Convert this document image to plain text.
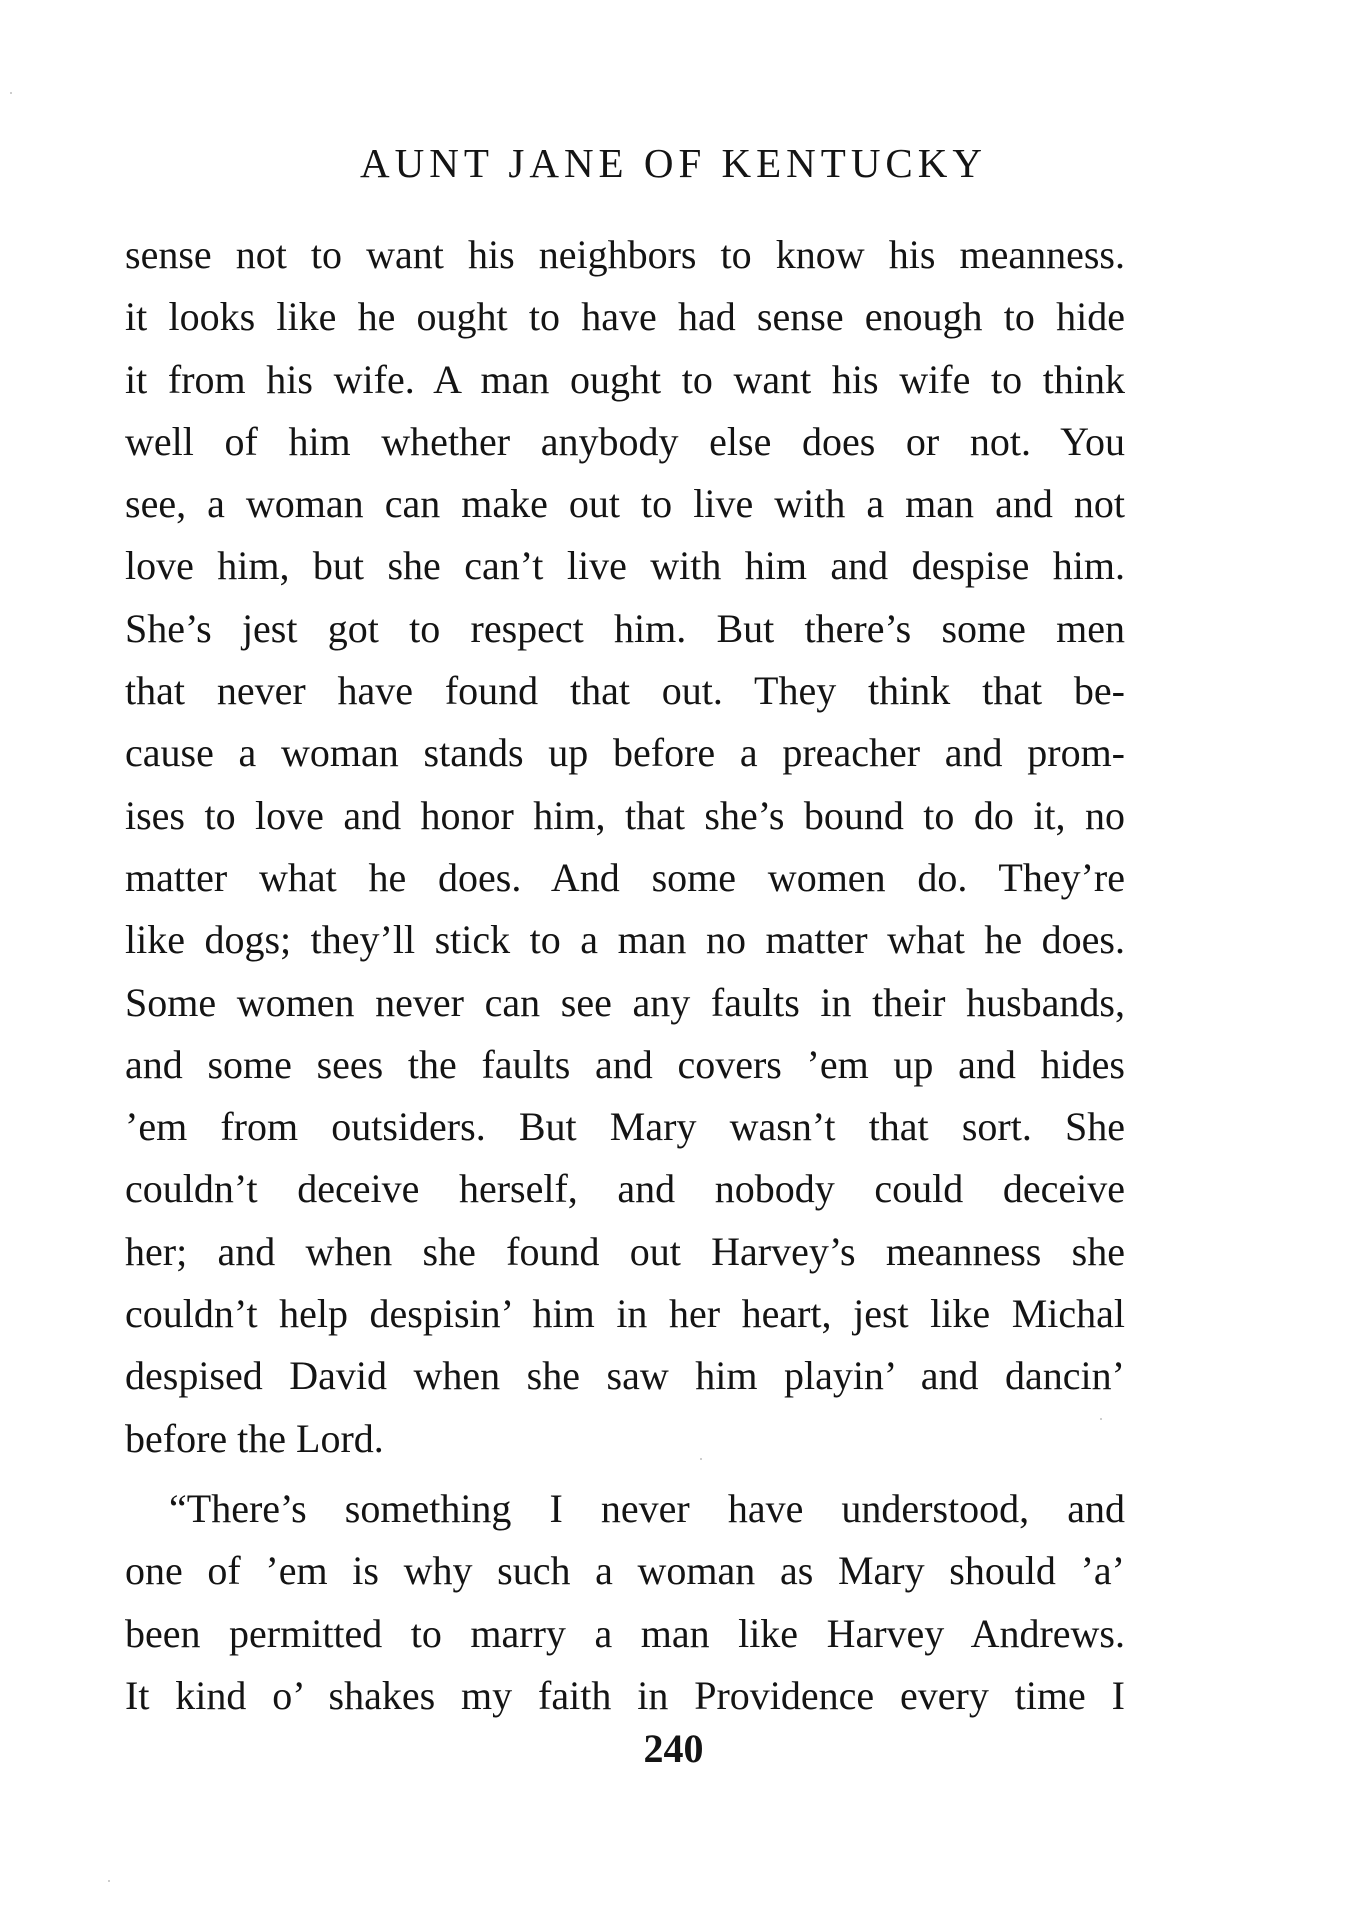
AUNT JANE OF KENTUCKY
sense not to want his neighbors to know his meanness.
it looks like he ought to have had sense enough to hide
it from his wife. A man ought to want his wife to think
well of him whether anybody else does or not. You
see, a woman can make out to live with a man and not
love him, but she can’t live with him and despise him.
She’s jest got to respect him. But there’s some men
that never have found that out. They think that be-
cause a woman stands up before a preacher and prom-
ises to love and honor him, that she’s bound to do it, no
matter what he does. And some women do. They’re
like dogs; they’ll stick to a man no matter what he does.
Some women never can see any faults in their husbands,
and some sees the faults and covers ’em up and hides
’em from outsiders. But Mary wasn’t that sort. She
couldn’t deceive herself, and nobody could deceive
her; and when she found out Harvey’s meanness she
couldn’t help despisin’ him in her heart, jest like Michal
despised David when she saw him playin’ and dancin’
before the Lord.
“There’s something I never have understood, and
one of ’em is why such a woman as Mary should ’a’
been permitted to marry a man like Harvey Andrews.
It kind o’ shakes my faith in Providence every time I
240
